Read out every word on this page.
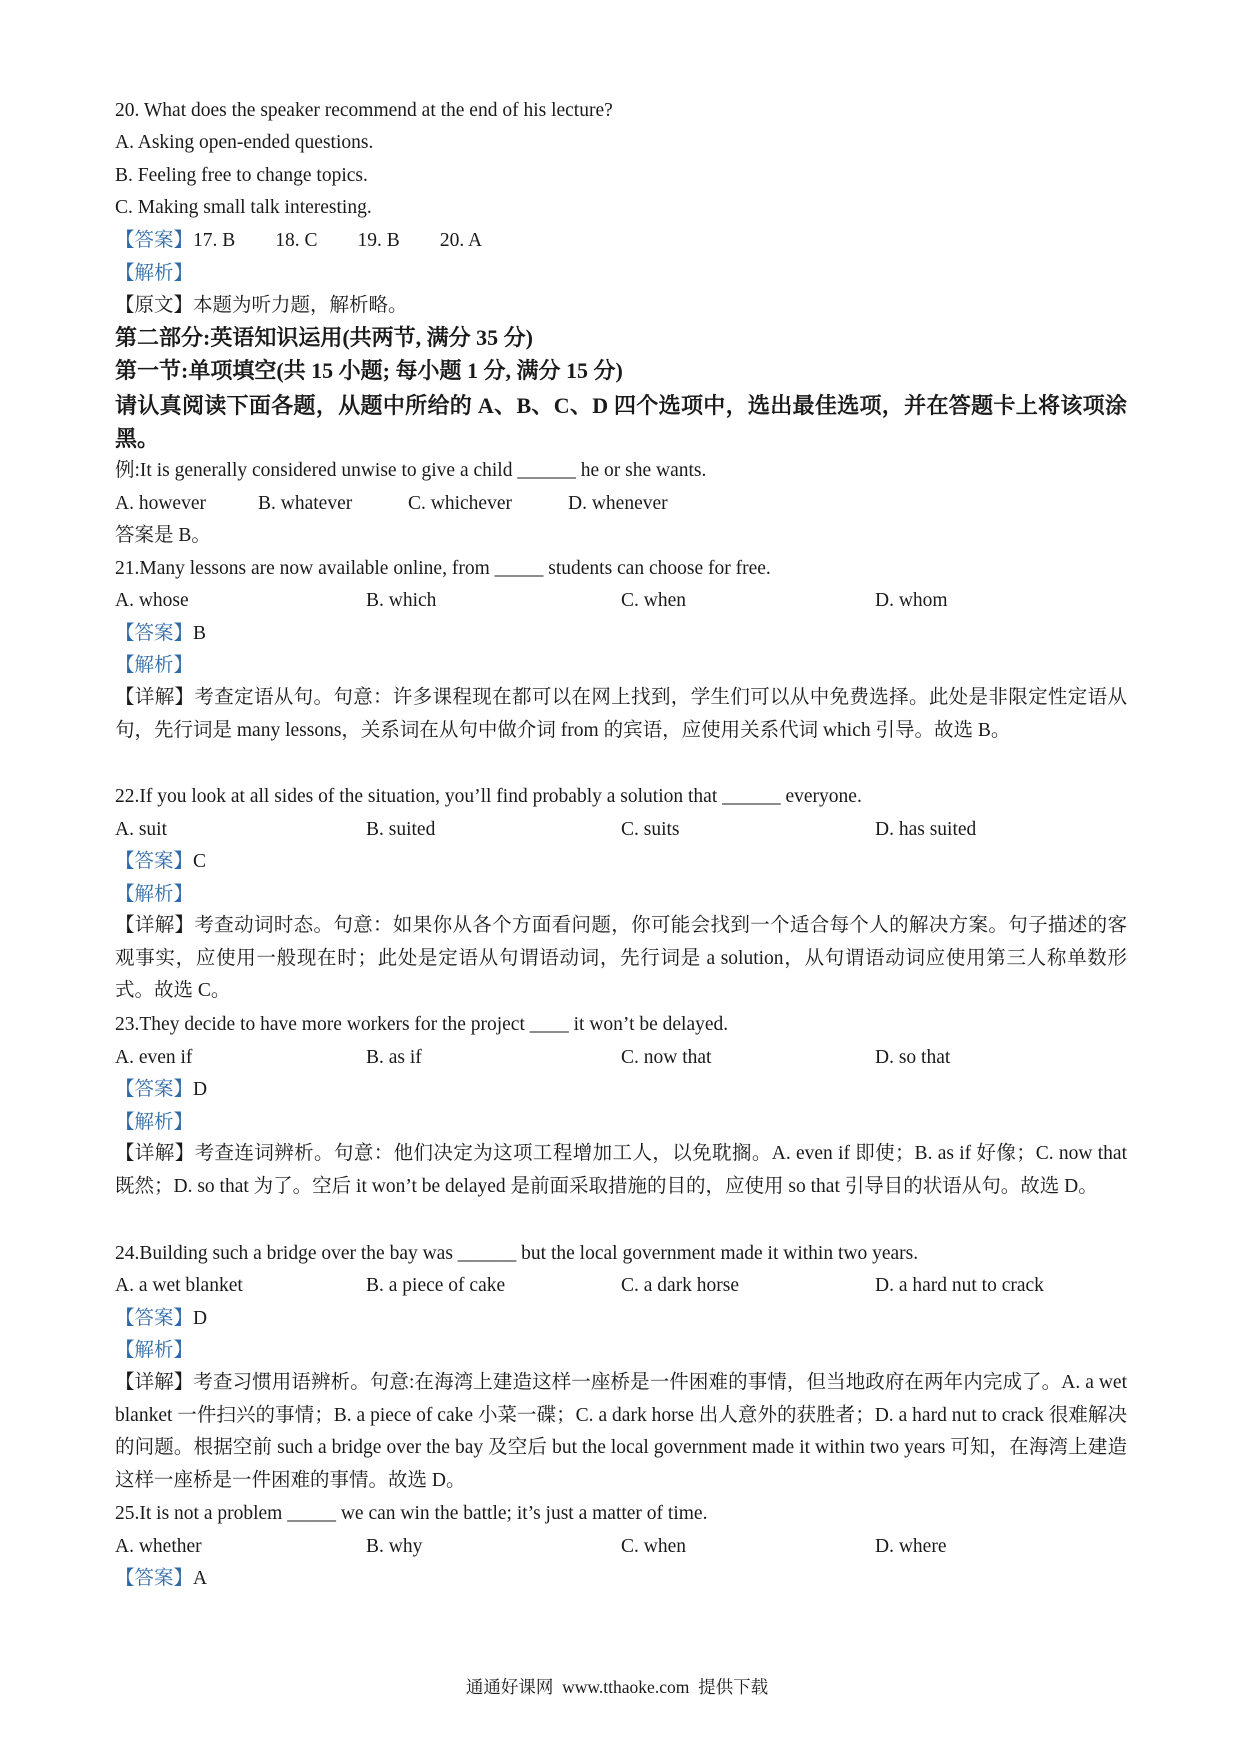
20. What does the speaker recommend at the end of his lecture?
A. Asking open-ended questions.
B. Feeling free to change topics.
C. Making small talk interesting.
【答案】17. B 18. C 19. B 20. A
【解析】
【原文】本题为听力题，解析略。
第二部分:英语知识运用(共两节, 满分 35 分)
第一节:单项填空(共 15 小题; 每小题 1 分, 满分 15 分)
请认真阅读下面各题，从题中所给的 A、B、C、D 四个选项中，选出最佳选项，并在答题卡上将该项涂黑。
例:It is generally considered unwise to give a child ______ he or she wants.
A. however	B. whatever	C. whichever	D. whenever
答案是 B。
21.Many lessons are now available online, from _____ students can choose for free.
A. whose	B. which	C. when	D. whom
【答案】B
【解析】
【详解】考查定语从句。句意：许多课程现在都可以在网上找到，学生们可以从中免费选择。此处是非限定性定语从句，先行词是 many lessons，关系词在从句中做介词 from 的宾语，应使用关系代词 which 引导。故选 B。
22.If you look at all sides of the situation, you’ll find probably a solution that ______ everyone.
A. suit	B. suited	C. suits	D. has suited
【答案】C
【解析】
【详解】考查动词时态。句意：如果你从各个方面看问题，你可能会找到一个适合每个人的解决方案。句子描述的客观事实，应使用一般现在时；此处是定语从句谓语动词，先行词是 a solution，从句谓语动词应使用第三人称单数形式。故选 C。
23.They decide to have more workers for the project ____ it won’t be delayed.
A. even if	B. as if	C. now that	D. so that
【答案】D
【解析】
【详解】考查连词辨析。句意：他们决定为这项工程增加工人，以免耽搁。A. even if 即使；B. as if 好像；C. now that 既然；D. so that 为了。空后 it won’t be delayed 是前面采取措施的目的，应使用 so that 引导目的状语从句。故选 D。
24.Building such a bridge over the bay was ______ but the local government made it within two years.
A. a wet blanket	B. a piece of cake	C. a dark horse	D. a hard nut to crack
【答案】D
【解析】
【详解】考查习惯用语辨析。句意:在海湾上建造这样一座桥是一件困难的事情，但当地政府在两年内完成了。A. a wet blanket 一件扫兴的事情；B. a piece of cake 小菜一碟；C. a dark horse 出人意外的获胜者；D. a hard nut to crack 很难解决的问题。根据空前 such a bridge over the bay 及空后 but the local government made it within two years 可知，在海湾上建造这样一座桥是一件困难的事情。故选 D。
25.It is not a problem _____ we can win the battle; it’s just a matter of time.
A. whether	B. why	C. when	D. where
【答案】A
通通好课网  www.tthaoke.com  提供下载
